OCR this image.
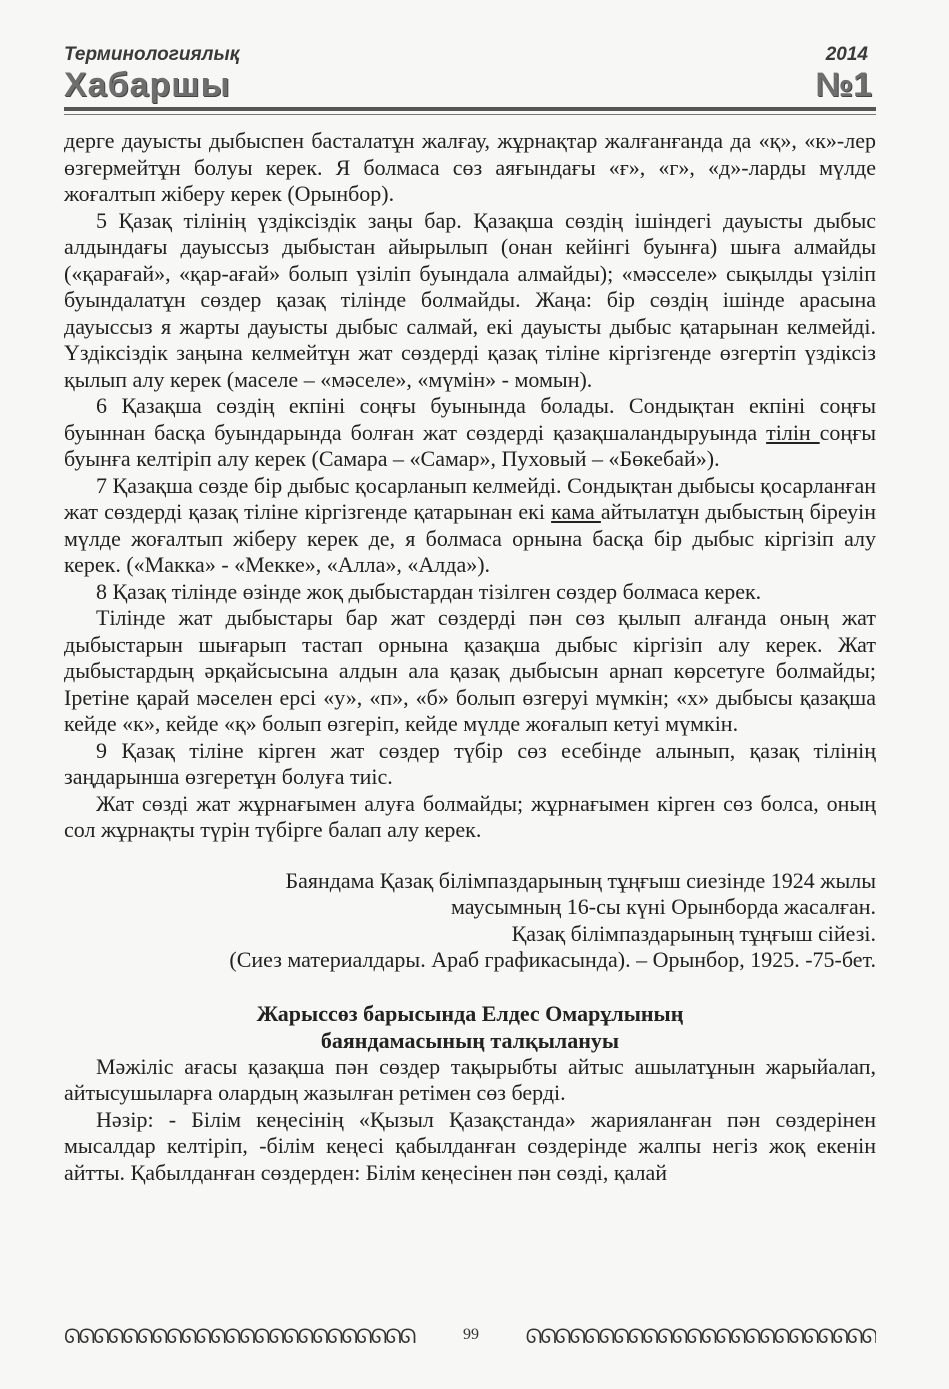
Терминологиялық
Хабаршы
2014
№1

дерге дауысты дыбыспен басталатұн жалғау, жұрнақтар жалғанғанда да «қ», «к»-лер өзгермейтұн болуы керек. Я болмаса сөз аяғындағы «ғ», «г», «д»-ларды мүлде жоғалтып жіберу керек (Орынбор).

5 Қазақ тілінің үздіксіздік заңы бар. Қазақша сөздің ішіндегі дауысты дыбыс алдындағы дауыссыз дыбыстан айырылып (онан кейінгі буынға) шыға алмайды («қарағай», «қар-ағай» болып үзіліп буындала алмайды); «мәсселе» сықылды үзіліп буындалатұн сөздер қазақ тілінде болмайды. Жаңа: бір сөздің ішінде арасына дауыссыз я жарты дауысты дыбыс салмай, екі дауысты дыбыс қатарынан келмейді. Үздіксіздік заңына келмейтұн жат сөздерді қазақ тіліне кіргізгенде өзгертіп үздіксіз қылып алу керек (маселе – «мәселе», «мүмін» - момын).

6 Қазақша сөздің екпіні соңғы буынында болады. Сондықтан екпіні соңғы буыннан басқа буындарында болған жат сөздерді қазақшаландыруында тілін соңғы буынға келтіріп алу керек (Самара – «Самар», Пуховый – «Бөкебай»).

7 Қазақша сөзде бір дыбыс қосарланып келмейді. Сондықтан дыбысы қосарланған жат сөздерді қазақ тіліне кіргізгенде қатарынан екі кама айтылатұн дыбыстың біреуін мүлде жоғалтып жіберу керек де, я болмаса орнына басқа бір дыбыс кіргізіп алу керек. («Макка» - «Мекке», «Алла», «Алда»).

8 Қазақ тілінде өзінде жоқ дыбыстардан тізілген сөздер болмаса керек.

Тілінде жат дыбыстары бар жат сөздерді пән сөз қылып алғанда оның жат дыбыстарын шығарып тастап орнына қазақша дыбыс кіргізіп алу керек. Жат дыбыстардың әрқайсысына алдын ала қазақ дыбысын арнап көрсетуге болмайды; Іретіне қарай мәселен ерсі «у», «п», «б» болып өзгеруі мүмкін; «х» дыбысы қазақша кейде «к», кейде «қ» болып өзгеріп, кейде мүлде жоғалып кетуі мүмкін.

9 Қазақ тіліне кірген жат сөздер түбір сөз есебінде алынып, қазақ тілінің заңдарынша өзгеретұн болуға тиіс.

Жат сөзді жат жұрнағымен алуға болмайды; жұрнағымен кірген сөз болса, оның сол жұрнақты түрін түбірге балап алу керек.

Баяндама Қазақ білімпаздарының тұңғыш сиезінде 1924 жылы
маусымның 16-сы күні Орынборда жасалған.
Қазақ білімпаздарының тұңғыш сійезі.
(Сиез материалдары. Араб графикасында). – Орынбор, 1925. -75-бет.

Жарыссөз барысында Елдес Омарұлының
баяндамасының талқылануы

Мәжіліс ағасы қазақша пән сөздер тақырыбты айтыс ашылатұнын жарыйалап, айтысушыларға олардың жазылған ретімен сөз берді.

Нәзір: - Білім кеңесінің «Қызыл Қазақстанда» жарияланған пән сөздерінен мысалдар келтіріп, -білім кеңесі қабылданған сөздерінде жалпы негіз жоқ екенін айтты. Қабылданған сөздерден: Білім кеңесінен пән сөзді, қалай

ᘏᘏᘏᘏᘏᘏᘏᘏᘏᘏᘏᘏᘏᘏᘏᘏᘏᘏᘏᘏᘏᘏᘏᘏ	99	ᘏᘏᘏᘏᘏᘏᘏᘏᘏᘏᘏᘏᘏᘏᘏᘏᘏᘏᘏᘏᘏᘏᘏᘏ
